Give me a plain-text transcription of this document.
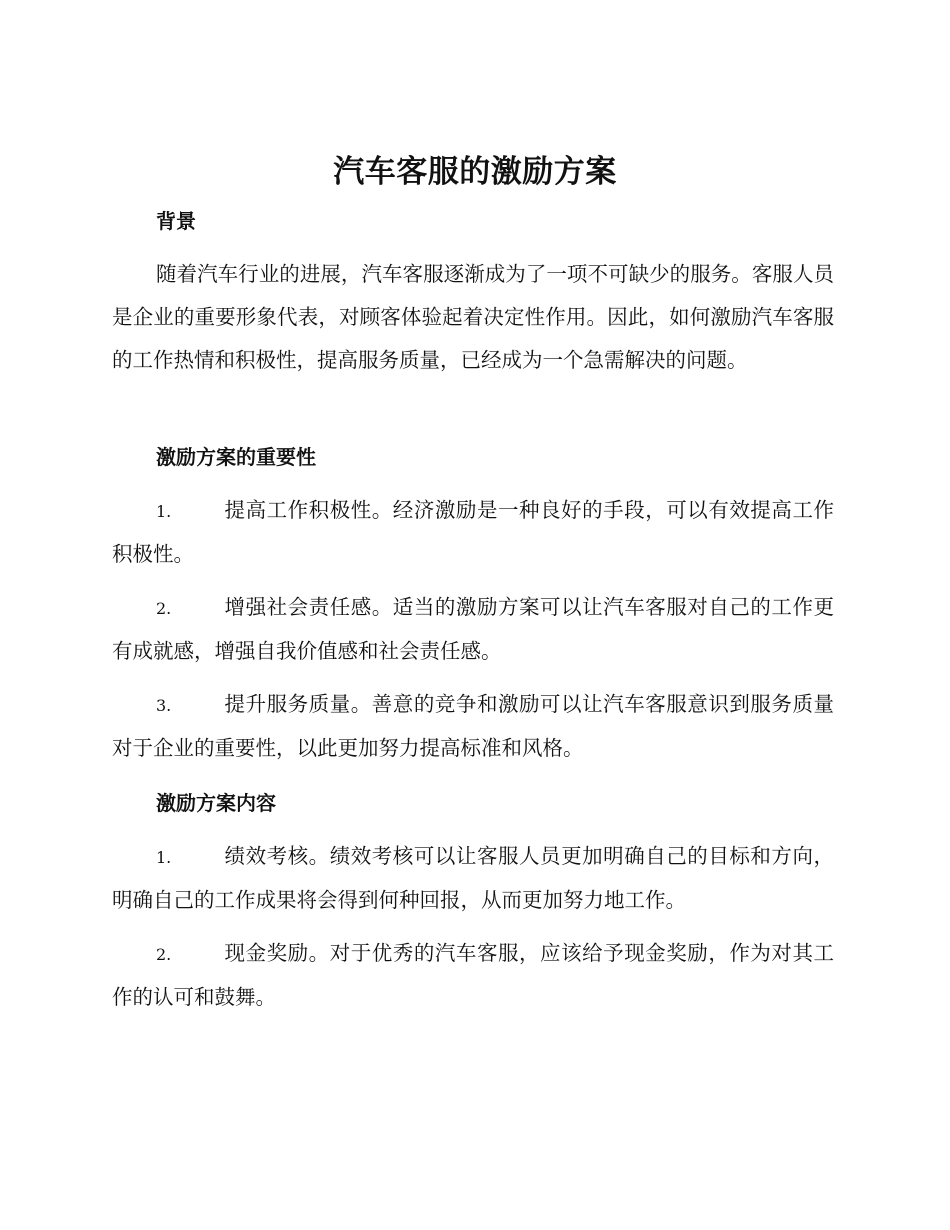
汽车客服的激励方案
背景
随着汽车行业的进展，汽车客服逐渐成为了一项不可缺少的服务。客服人员是企业的重要形象代表，对顾客体验起着决定性作用。因此，如何激励汽车客服的工作热情和积极性，提高服务质量，已经成为一个急需解决的问题。
激励方案的重要性
1.	提高工作积极性。经济激励是一种良好的手段，可以有效提高工作积极性。
2.	增强社会责任感。适当的激励方案可以让汽车客服对自己的工作更有成就感，增强自我价值感和社会责任感。
3.	提升服务质量。善意的竞争和激励可以让汽车客服意识到服务质量对于企业的重要性，以此更加努力提高标准和风格。
激励方案内容
1.	绩效考核。绩效考核可以让客服人员更加明确自己的目标和方向，明确自己的工作成果将会得到何种回报，从而更加努力地工作。
2.	现金奖励。对于优秀的汽车客服，应该给予现金奖励，作为对其工作的认可和鼓舞。
